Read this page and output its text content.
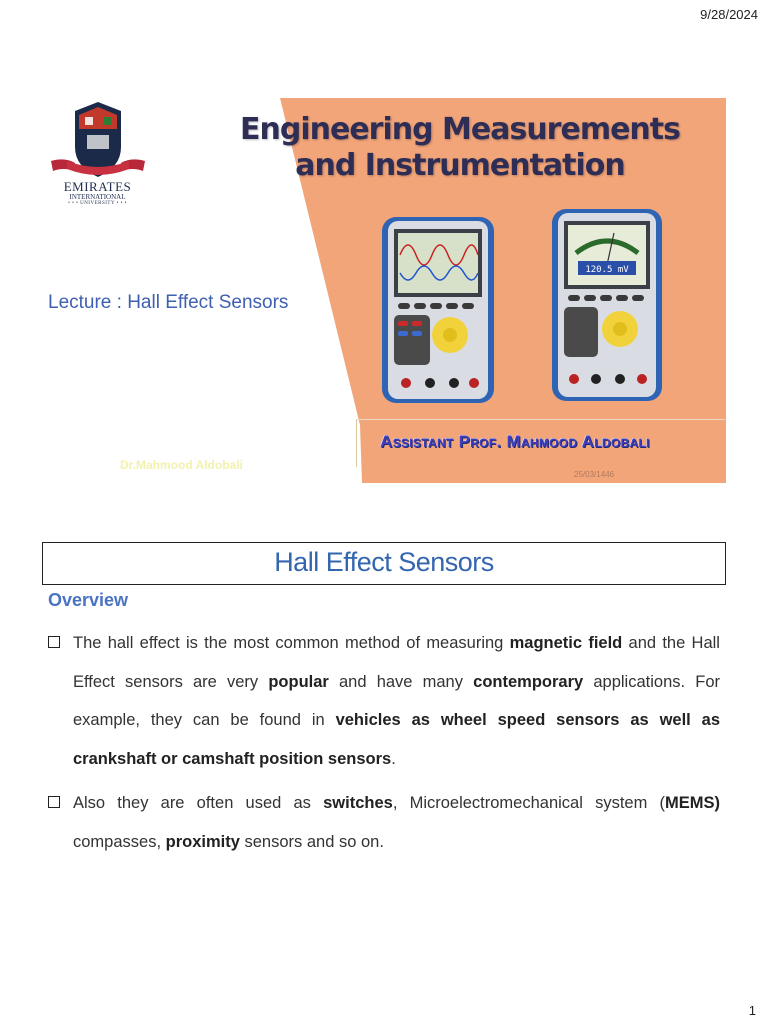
9/28/2024
EMIRATES
INTERNATIONAL
• • • UNIVERSITY • • •
Engineering Measurements
and Instrumentation
Lecture : Hall Effect Sensors
Dr.Mahmood Aldobali
120.5 mV
Assistant Prof. Mahmood Aldobali
25/03/1446
Hall Effect Sensors
Overview
The hall effect is the most common method of measuring magnetic field and the Hall Effect sensors are very popular and have many contemporary applications. For example, they can be found in vehicles as wheel speed sensors as well as crankshaft or camshaft position sensors.
Also they are often used as switches, Microelectromechanical system (MEMS) compasses, proximity sensors and so on.
1
